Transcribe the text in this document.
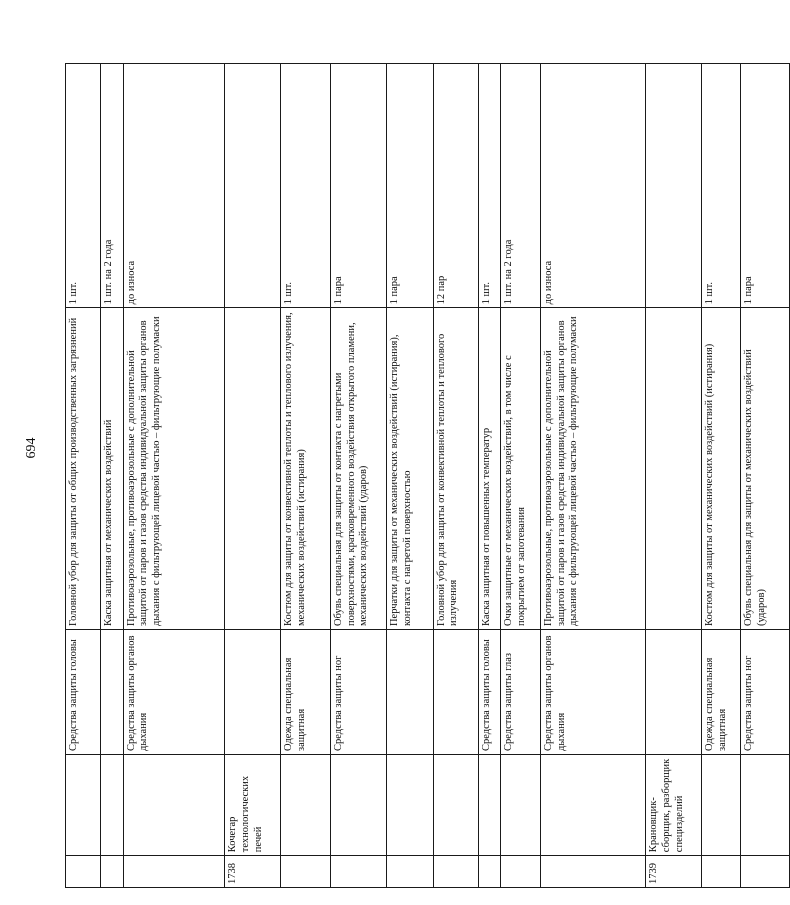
694
		Средства защиты головы	Головной убор для защиты от общих производственных загрязнений	1 шт.
			Каска защитная от механических воздействий	1 шт. на 2 года
		Средства защиты органов дыхания	Противоаэрозольные, противоаэрозольные с дополнительной защитой от паров и газов средства индивидуальной защиты органов дыхания с фильтрующей лицевой частью – фильтрующие полумаски	до износа
1738	Кочегар технологических печей			
		Одежда специальная защитная	Костюм для защиты от конвективной теплоты и теплового излучения, механических воздействий (истирания)	1 шт.
		Средства защиты ног	Обувь специальная для защиты от контакта с нагретыми поверхностями, кратковременного воздействия открытого пламени, механических воздействий (ударов)	1 пара
			Перчатки для защиты от механических воздействий (истирания), контакта с нагретой поверхностью	1 пара
			Головной убор для защиты от конвективной теплоты и теплового излучения	12 пар
		Средства защиты головы	Каска защитная от повышенных температур	1 шт.
		Средства защиты глаз	Очки защитные от механических воздействий, в том числе с покрытием от запотевания	1 шт. на 2 года
		Средства защиты органов дыхания	Противоаэрозольные, противоаэрозольные с дополнительной защитой от паров и газов средства индивидуальной защиты органов дыхания с фильтрующей лицевой частью – фильтрующие полумаски	до износа
1739	Крановщик-сборщик, разборщик специзделий			
		Одежда специальная защитная	Костюм для защиты от механических воздействий (истирания)	1 шт.
		Средства защиты ног	Обувь специальная для защиты от механических воздействий (ударов)	1 пара
